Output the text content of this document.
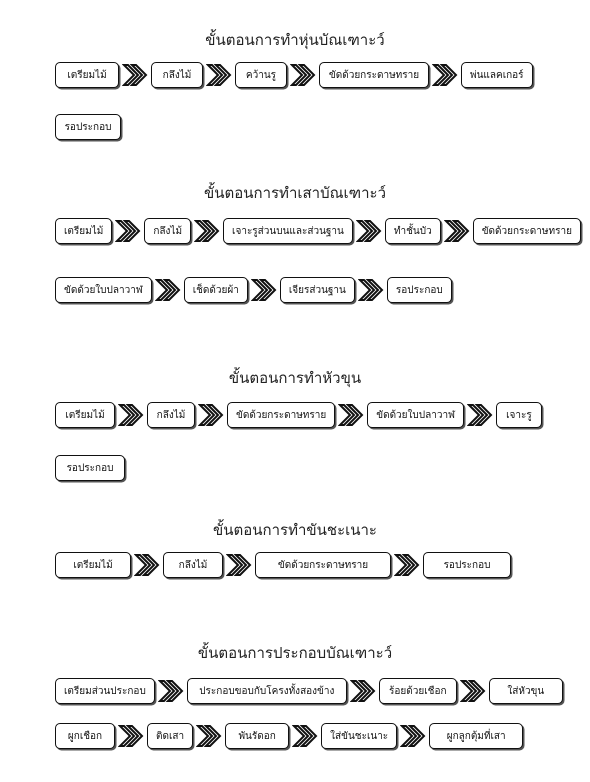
ขั้นตอนการทำหุ่นบัณเฑาะว์
เตรียมไม้	กลึงไม้	คว้านรู	ขัดด้วยกระดาษทราย	พ่นแลคเกอร์
รอประกอบ
ขั้นตอนการทำเสาบัณเฑาะว์
เตรียมไม้	กลึงไม้	เจาะรูส่วนบนและส่วนฐาน	ทำชั้นบัว	ขัดด้วยกระดาษทราย
ขัดด้วยใบปลาวาฬ	เช็ดด้วยผ้า	เจียรส่วนฐาน	รอประกอบ
ขั้นตอนการทำหัวขุน
เตรียมไม้	กลึงไม้	ขัดด้วยกระดาษทราย	ขัดด้วยใบปลาวาฬ	เจาะรู
รอประกอบ
ขั้นตอนการทำขันชะเนาะ
เตรียมไม้	กลึงไม้	ขัดด้วยกระดาษทราย	รอประกอบ
ขั้นตอนการประกอบบัณเฑาะว์
เตรียมส่วนประกอบ	ประกอบขอบกับโครงทั้งสองข้าง	ร้อยด้วยเชือก	ใส่หัวขุน
ผูกเชือก	ติดเสา	พันรัดอก	ใส่ขันชะเนาะ	ผูกลูกตุ้มที่เสา
